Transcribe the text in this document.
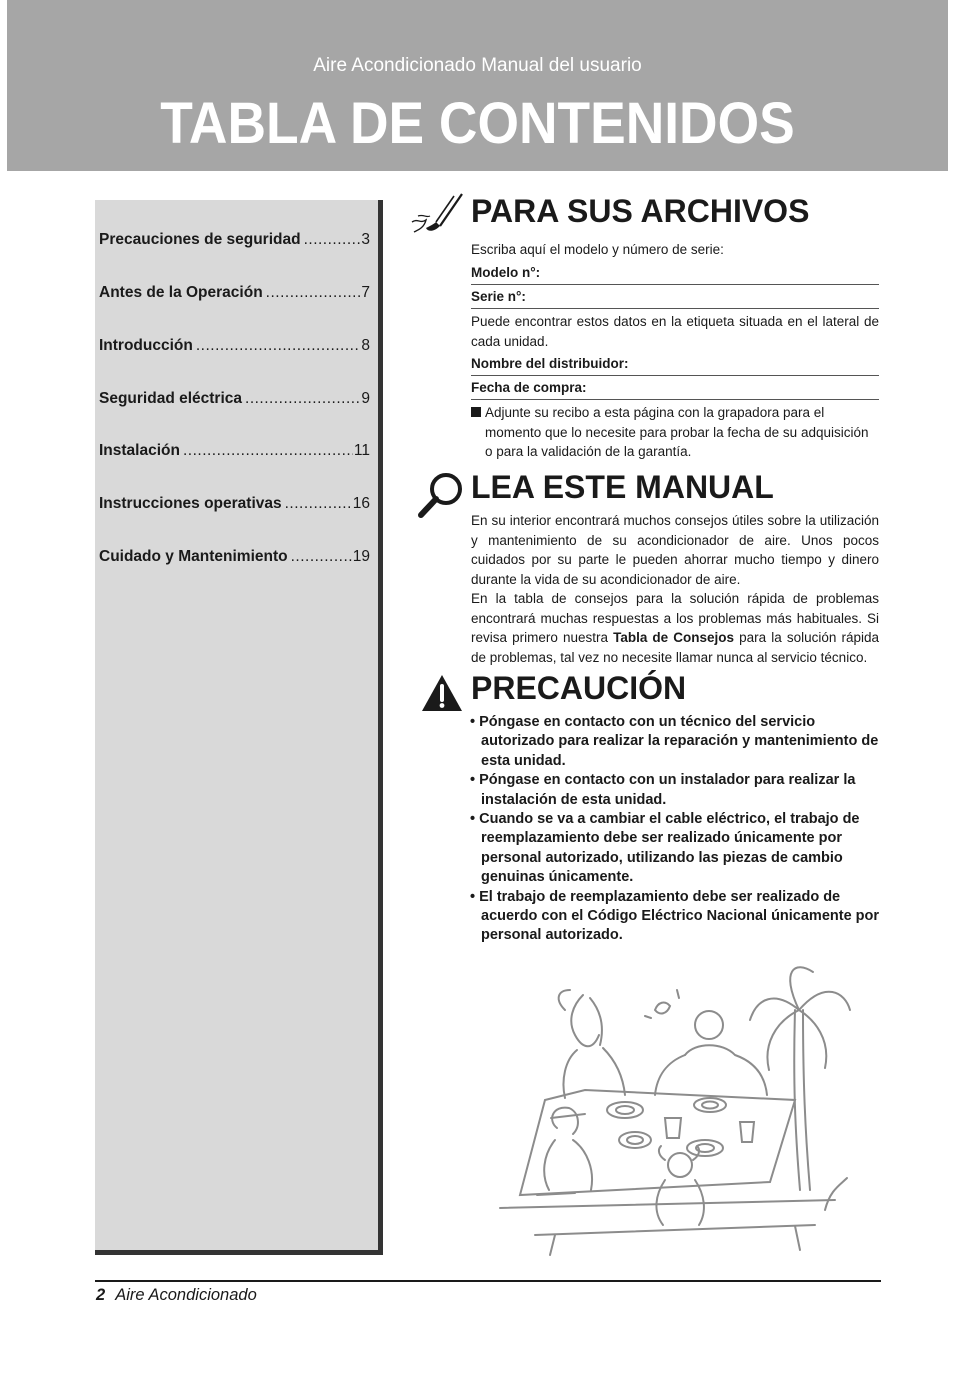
Aire Acondicionado Manual del usuario
TABLA DE CONTENIDOS
Precauciones de seguridad .....	3
Antes de la Operación .....	7
Introducción .....	8
Seguridad eléctrica .....	9
Instalación .....	11
Instrucciones operativas .....	16
Cuidado y Mantenimiento .....	19
PARA SUS ARCHIVOS
Escriba aquí el modelo y número de serie:
Modelo n°:
Serie n°:
Puede encontrar estos datos en la etiqueta situada en el lateral de cada unidad.
Nombre del distribuidor:
Fecha de compra:
Adjunte su recibo a esta página con la grapadora para el momento que lo necesite para probar la fecha de su adquisición o para la validación de la garantía.
LEA ESTE MANUAL
En su interior encontrará muchos consejos útiles sobre la utilización y mantenimiento de su acondicionador de aire. Unos pocos cuidados por su parte le pueden ahorrar mucho tiempo y dinero durante la vida de su acondicionador de aire.
En la tabla de consejos para la solución rápida de problemas encontrará muchas respuestas a los problemas más habituales. Si revisa primero nuestra Tabla de Consejos para la solución rápida de problemas, tal vez no necesite llamar nunca al servicio técnico.
PRECAUCIÓN
• Póngase en contacto con un técnico del servicio autorizado para realizar la reparación y mantenimiento de esta unidad.
• Póngase en contacto con un instalador para realizar la instalación de esta unidad.
• Cuando se va a cambiar el cable eléctrico, el trabajo de reemplazamiento debe ser realizado únicamente por personal autorizado, utilizando las piezas de cambio genuinas únicamente.
• El trabajo de reemplazamiento debe ser realizado de acuerdo con el Código Eléctrico Nacional únicamente por personal autorizado.
2 Aire Acondicionado
